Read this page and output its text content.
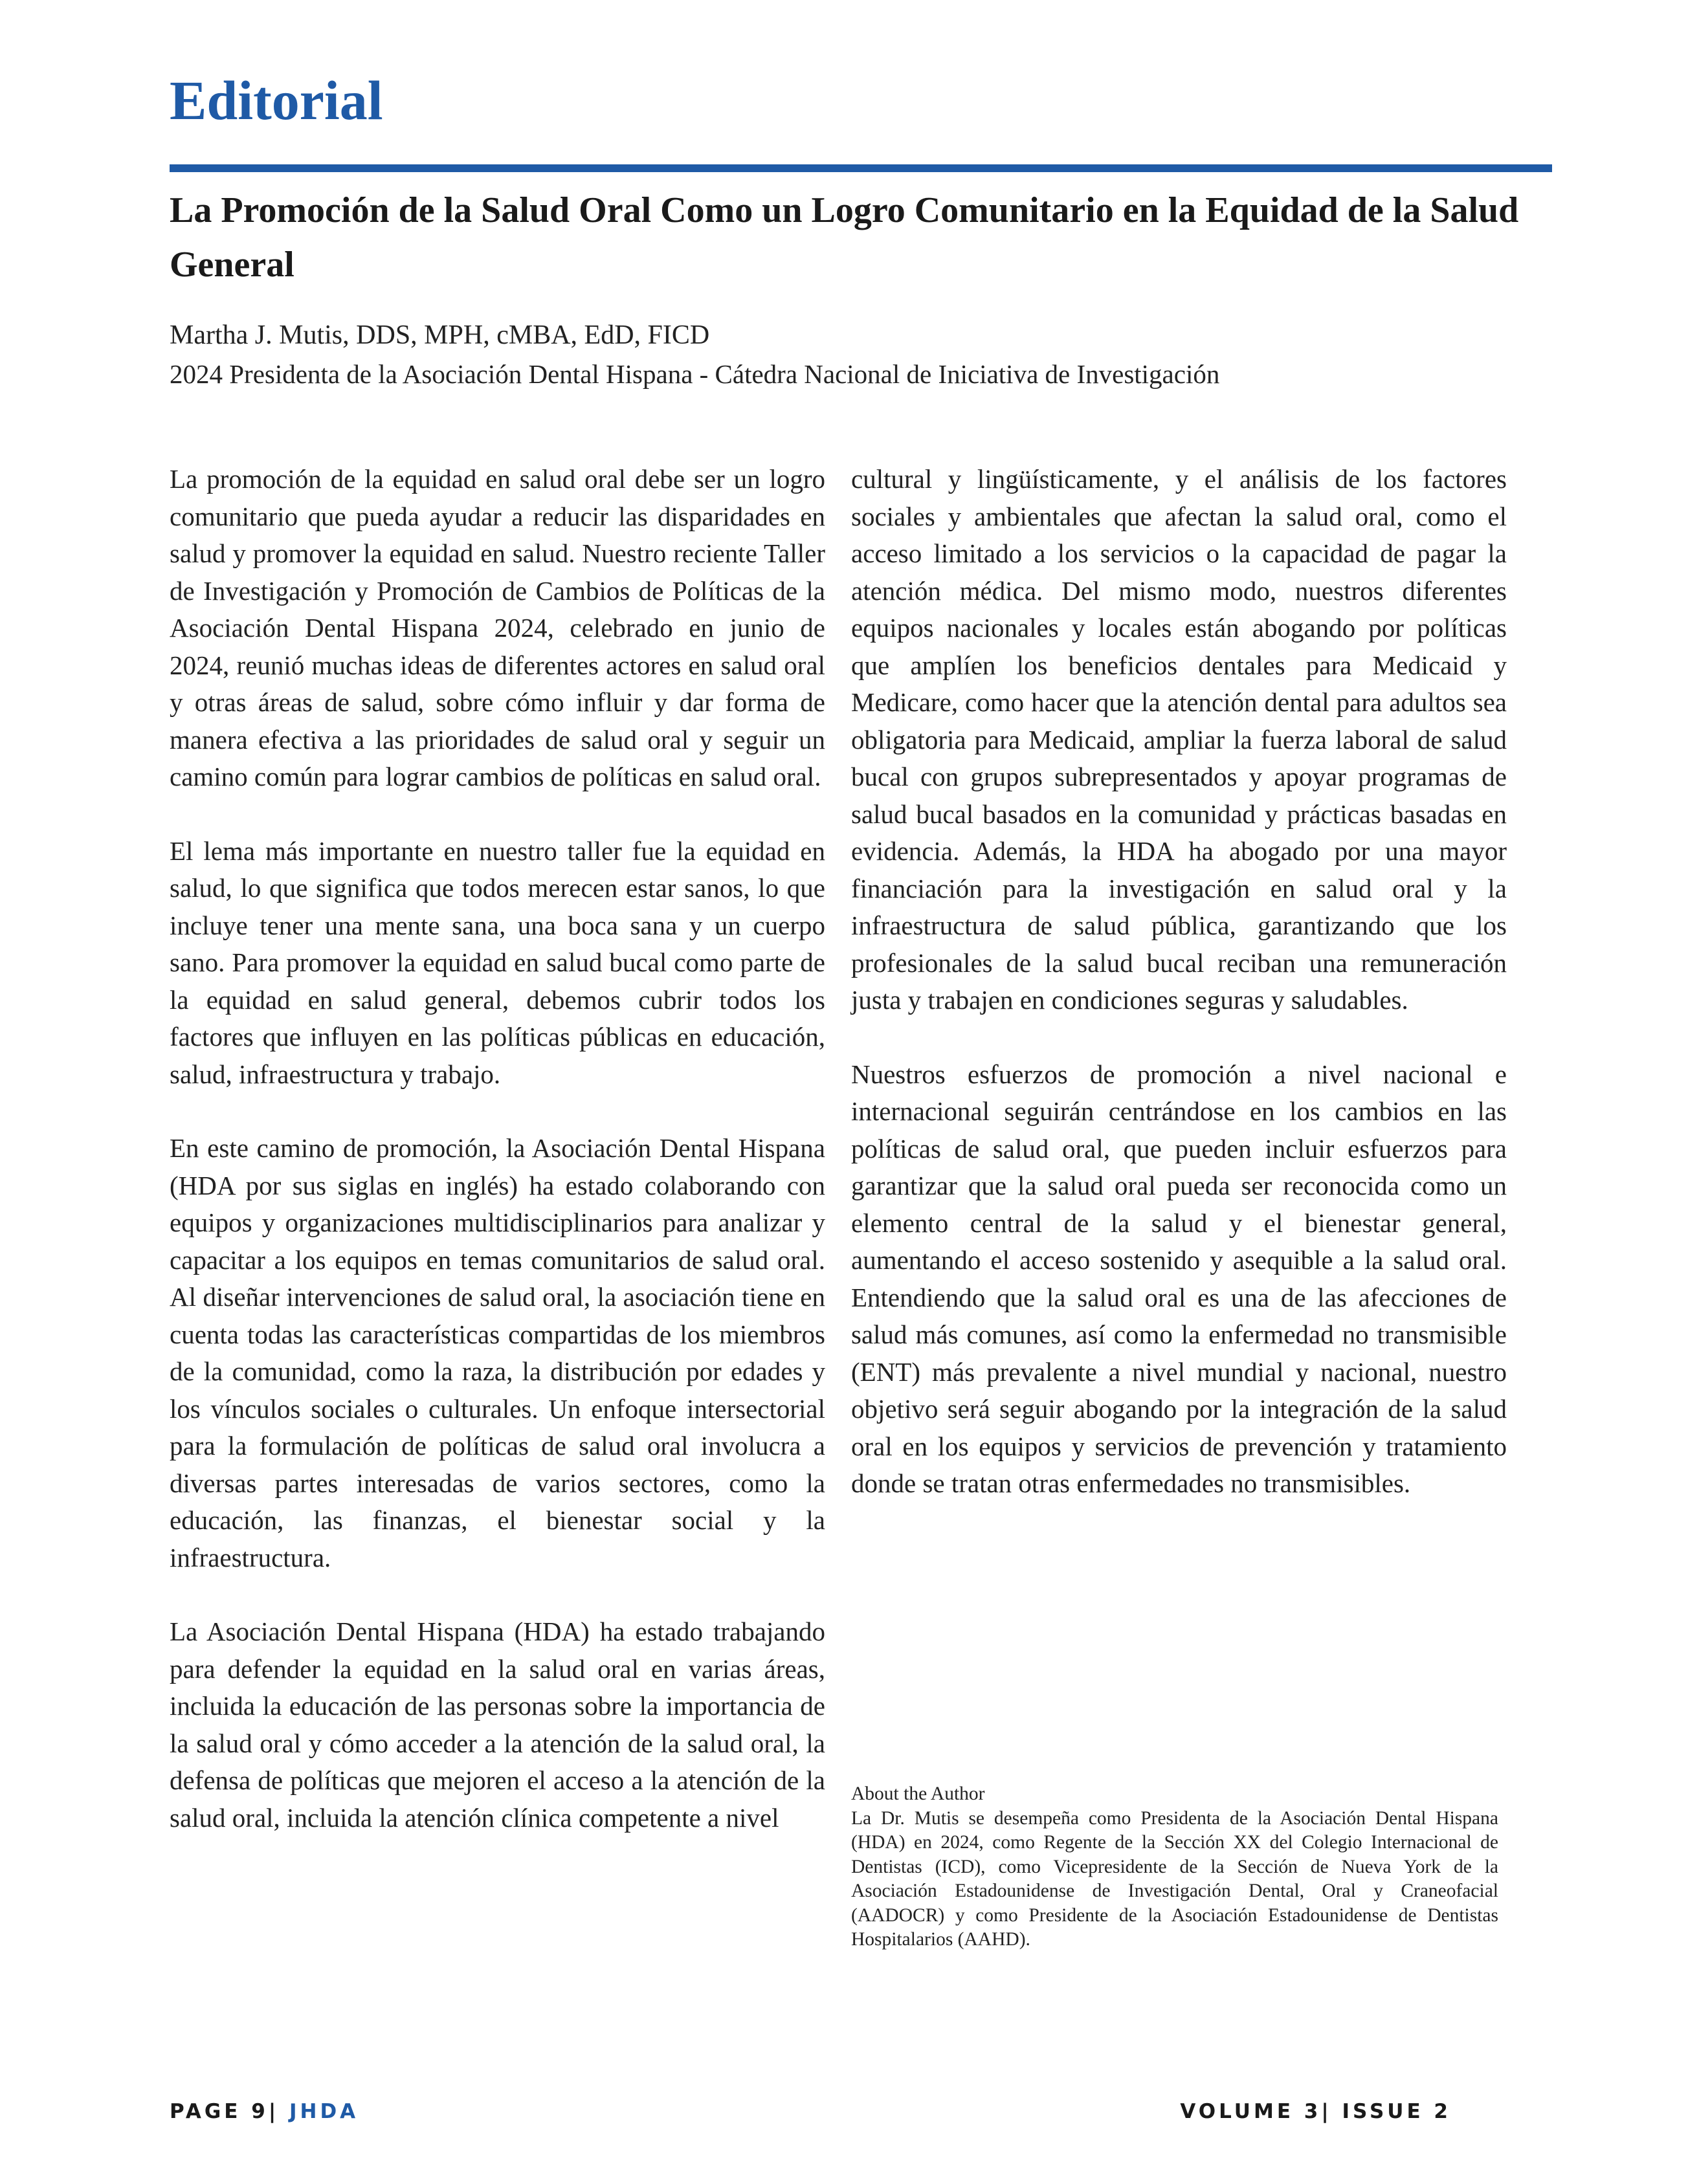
Editorial
La Promoción de la Salud Oral Como un Logro Comunitario en la Equidad de la Salud General
Martha J. Mutis, DDS, MPH, cMBA, EdD, FICD
2024 Presidenta de la Asociación Dental Hispana - Cátedra Nacional de Iniciativa de Investigación

La promoción de la equidad en salud oral debe ser un logro comunitario que pueda ayudar a reducir las disparidades en salud y promover la equidad en salud. Nuestro reciente Taller de Investigación y Promoción de Cambios de Políticas de la Asociación Dental Hispana 2024, celebrado en junio de 2024, reunió muchas ideas de diferentes actores en salud oral y otras áreas de salud, sobre cómo influir y dar forma de manera efectiva a las prioridades de salud oral y seguir un camino común para lograr cambios de políticas en salud oral.

El lema más importante en nuestro taller fue la equidad en salud, lo que significa que todos merecen estar sanos, lo que incluye tener una mente sana, una boca sana y un cuerpo sano. Para promover la equidad en salud bucal como parte de la equidad en salud general, debemos cubrir todos los factores que influyen en las políticas públicas en educación, salud, infraestructura y trabajo.

En este camino de promoción, la Asociación Dental Hispana (HDA por sus siglas en inglés) ha estado colaborando con equipos y organizaciones multidisciplinarios para analizar y capacitar a los equipos en temas comunitarios de salud oral. Al diseñar intervenciones de salud oral, la asociación tiene en cuenta todas las características compartidas de los miembros de la comunidad, como la raza, la distribución por edades y los vínculos sociales o culturales. Un enfoque intersectorial para la formulación de políticas de salud oral involucra a diversas partes interesadas de varios sectores, como la educación, las finanzas, el bienestar social y la infraestructura.

La Asociación Dental Hispana (HDA) ha estado trabajando para defender la equidad en la salud oral en varias áreas, incluida la educación de las personas sobre la importancia de la salud oral y cómo acceder a la atención de la salud oral, la defensa de políticas que mejoren el acceso a la atención de la salud oral, incluida la atención clínica competente a nivel

cultural y lingüísticamente, y el análisis de los factores sociales y ambientales que afectan la salud oral, como el acceso limitado a los servicios o la capacidad de pagar la atención médica. Del mismo modo, nuestros diferentes equipos nacionales y locales están abogando por políticas que amplíen los beneficios dentales para Medicaid y Medicare, como hacer que la atención dental para adultos sea obligatoria para Medicaid, ampliar la fuerza laboral de salud bucal con grupos subrepresentados y apoyar programas de salud bucal basados en la comunidad y prácticas basadas en evidencia. Además, la HDA ha abogado por una mayor financiación para la investigación en salud oral y la infraestructura de salud pública, garantizando que los profesionales de la salud bucal reciban una remuneración justa y trabajen en condiciones seguras y saludables.

Nuestros esfuerzos de promoción a nivel nacional e internacional seguirán centrándose en los cambios en las políticas de salud oral, que pueden incluir esfuerzos para garantizar que la salud oral pueda ser reconocida como un elemento central de la salud y el bienestar general, aumentando el acceso sostenido y asequible a la salud oral. Entendiendo que la salud oral es una de las afecciones de salud más comunes, así como la enfermedad no transmisible (ENT) más prevalente a nivel mundial y nacional, nuestro objetivo será seguir abogando por la integración de la salud oral en los equipos y servicios de prevención y tratamiento donde se tratan otras enfermedades no transmisibles.

About the Author
La Dr. Mutis se desempeña como Presidenta de la Asociación Dental Hispana (HDA) en 2024, como Regente de la Sección XX del Colegio Internacional de Dentistas (ICD), como Vicepresidente de la Sección de Nueva York de la Asociación Estadounidense de Investigación Dental, Oral y Craneofacial (AADOCR) y como Presidente de la Asociación Estadounidense de Dentistas Hospitalarios (AAHD).
PAGE 9| JHDA	VOLUME 3| ISSUE 2
